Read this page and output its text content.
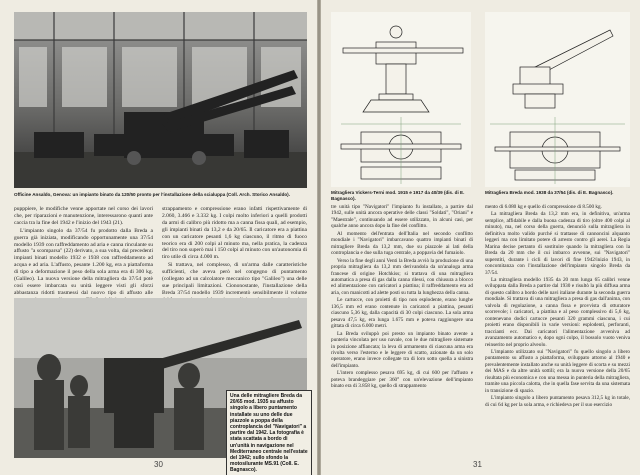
Officine Ansaldo, Genova: un impianto binato da 120/50 pronto per l'installazione della scialuppa (Coll. Arch. Storico Ansaldo).

pupppiere, le modifiche venne apportate nel corso dei lavori che, per riparazioni e manutenzione, interessarono quanti ante caccia tra la fine del 1942 e l'inizio del 1943 (21).

L'impianto singolo da 37/54 fu prodotto dalla Breda a guerra già iniziata, modificando opportunamente una 37/54 modello 1939 con raffreddamento ad aria e canna rinculante su affusto "a scomparsa" (22) derivato, a sua volta, dai precedenti impianti binati modello 1932 e 1938 con raffreddamento ad acqua e ad aria. L'affusto, pesante 1.200 kg, era a piattaforma di tipo a deformazione il peso della sola arma era di 300 kg. (Galileo). La nuova versione della mitragliera da 37/54 potè così essere imbarcata su unità leggere visti gli sforzi abbastanza ridotti trasmessi dal nuovo tipo di affusto alle

strappamento e compressione erano infatti rispettivamente di 2.060, 3.466 e 3.332 kg. I colpi molto inferiori a quelli prodotti da armi di calibro più ridotto ma a canna fissa quali, ad esempio, gli impianti binati da 13,2 e da 20/65. Il caricatore era a piattina con un caricatore pesanti 1,6 kg ciascuno, il ritmo di fuoco teorico era di 200 colpi al minuto ma, nella pratica, la cadenza del tiro non superò mai i 150 colpi al minuto con un'autonomia di tiro utile di circa 4.000 m.

Si trattava, nel complesso, di un'arma dalle caratteristiche sufficienti, che aveva però nel congegno di puntamento (collegato ad un calcolatore meccanico tipo "Galileo") una delle sue principali limitazioni. Ciononostante, l'installazione della Breda 37/54 modello 1939 incrementò sensibilmente il volume

Una delle mitragliere Breda da 20/65 mod. 1935 su affusto singolo a libero puntamento installate su uno delle due piazzole a poppa della controplancia del "Navigatori" a partire dal 1942. La fotografia è stata scattata a bordo di un'unità in navigazione nel Mediterraneo centrale nell'estate del 1942; sullo sfondo la motosilurante MS.91 (Coll. E. Bagnasco).
30
Mitragliera Vickers-Terni mod. 1915 e 1917 da 40/39 (dis. di E. Bagnasco).
Mitragliera Breda mod. 1938 da 37/54 (dis. di E. Bagnasco).

tre unità tipo "Navigatori" l'impianto fu installato, a partire dal 1942, sulle unità ancora operative delle classi "Soldati", "Oriani" e "Maestrale", continuando ad essere utilizzato, in alcuni casi, per qualche anno ancora dopo la fine del conflitto.

Al momento dell'entrata dell'Italia nel secondo conflitto mondiale i "Navigatori" imbarcavano quattro impianti binati di mitragliere Breda da 13,2 mm, due su piazzole ai lati della controplancia e due sulla tuga centrale, a poppavia del fumaiolo.

Verso la fine degli anni Venti la Breda avviò la produzione di una propria mitragliera da 13,2 mm derivandola da un'analoga arma francese di origine Hotchkiss; si trattava di una mitragliera automatica a presa di gas dalla canna rilessi, con chiusura a blocco ed alimentazione con caricatori a piattina; il raffreddamento era ad aria, con manicotti ad alette posti su tutta la lunghezza della canna.

Le cartucce, con proietti di tipo non esplodente, erano lunghe 136,5 mm ed erano contenute in caricatori a piattina, pesanti ciascuno 5,36 kg, dalla capacità di 30 colpi ciascuno. La sola arma pesava 47,5 kg, era lunga 1.675 mm e poteva raggiungere una gittata di circa 6.000 metri.

La Breda sviluppò poi presto un impianto binato avente a punteria vincolata per uso navale, con le due mitragliere sistemate in posizione affiancata; la leva di armamento di ciascuna arma era rivolta verso l'esterno e le leggere di scatto, azionate da un solo operatore, erano invece collegate tra di loro sotto quella a sinistra dell'impianto.

L'intero complesso pesava 695 kg, di cui 600 per l'affusto e poteva brandeggiare per 360° con un'elevazione dell'impianto binato era di 3.858 kg, quello di strappamento

mento di 6.080 kg e quello di compressione di 8.500 kg.

La mitragliera Breda da 13,2 mm era, in definitiva, un'arma semplice, affidabile e dalla buona cadenza di tiro (oltre 400 colpi al minuto), ma, nel corso della guerra, denunciò sulla mitragliera in definitiva molto valido purché si trattasse di cannoncini alquanto leggeri ma con limitato potere di arresto contro gli aerei. La Regia Marina decise pertanto di sostituire quando la mitragliera con la Breda da 20 mm che il cui imbarco avvenne, sui "Navigatori" superstiti, durante i cicli di lavori di fine 1942/inizio 1943, in concomitanza con l'installazione dell'impianto singolo Breda da 37/54.

La mitragliera modello 1935 da 20 mm lunga 65 calibri venne sviluppata dalla Breda a partire dal 1930 e risultò la più diffusa arma di questo calibro a bordo delle navi italiane durante la seconda guerra mondiale. Si trattava di una mitragliera a presa di gas dall'anima, con valvola di regolazione, a canna fissa e provvista di otturatore scorrevole; i caricatori, a piattina e al peso complessivo di 5,6 kg, contenevano dodici cartucce pesanti 320 grammi ciascuna, i cui proietti erano disponibili in varie versioni: esplodenti, perforanti, traccianti ecc. Dai caricatori l'alimentazione avveniva ad avanzamento automatico e, dopo ogni colpo, il bossolo vuoto veniva reinserito nel proprio alveolo.

L'impianto utilizzato sui "Navigatori" fu quello singolo a libero puntamento su affusto a piattaforma, sviluppato attorno al 1940 e prevalentemente installato anche su unità leggere di scorta e su mezzi dei MAS e da altre unità sottili; era la nuova versione della 20/65 risultata più economica e con una messa in punteria della mitragliera, tramite una piccola calotta, che in quella fase servita da una sistemata in transizione di spazio.

L'impianto singolo a libero puntamento pesava 312,5 kg in totale, di cui 64 kg per la sola arma, e richiedeva per il suo esercizio

31
